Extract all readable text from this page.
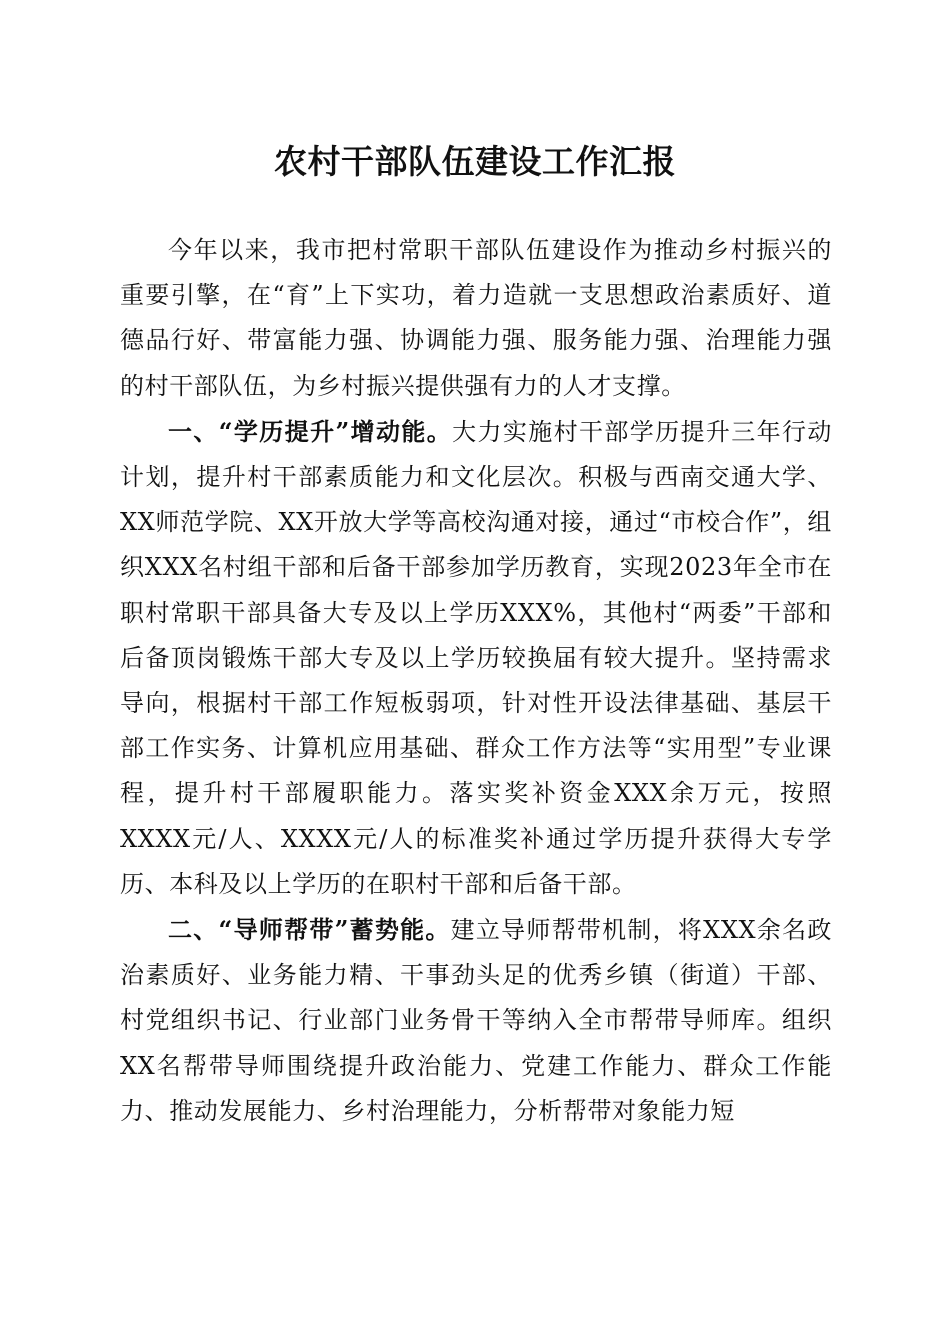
农村干部队伍建设工作汇报

今年以来，我市把村常职干部队伍建设作为推动乡村振兴的重要引擎，在“育”上下实功，着力造就一支思想政治素质好、道德品行好、带富能力强、协调能力强、服务能力强、治理能力强的村干部队伍，为乡村振兴提供强有力的人才支撑。

一、“学历提升”增动能。大力实施村干部学历提升三年行动计划，提升村干部素质能力和文化层次。积极与西南交通大学、XX师范学院、XX开放大学等高校沟通对接，通过“市校合作”，组织XXX名村组干部和后备干部参加学历教育，实现2023年全市在职村常职干部具备大专及以上学历XXX%，其他村“两委”干部和后备顶岗锻炼干部大专及以上学历较换届有较大提升。坚持需求导向，根据村干部工作短板弱项，针对性开设法律基础、基层干部工作实务、计算机应用基础、群众工作方法等“实用型”专业课程，提升村干部履职能力。落实奖补资金XXX余万元，按照XXXX元/人、XXXX元/人的标准奖补通过学历提升获得大专学历、本科及以上学历的在职村干部和后备干部。

二、“导师帮带”蓄势能。建立导师帮带机制，将XXX余名政治素质好、业务能力精、干事劲头足的优秀乡镇（街道）干部、村党组织书记、行业部门业务骨干等纳入全市帮带导师库。组织XX名帮带导师围绕提升政治能力、党建工作能力、群众工作能力、推动发展能力、乡村治理能力，分析帮带对象能力短
